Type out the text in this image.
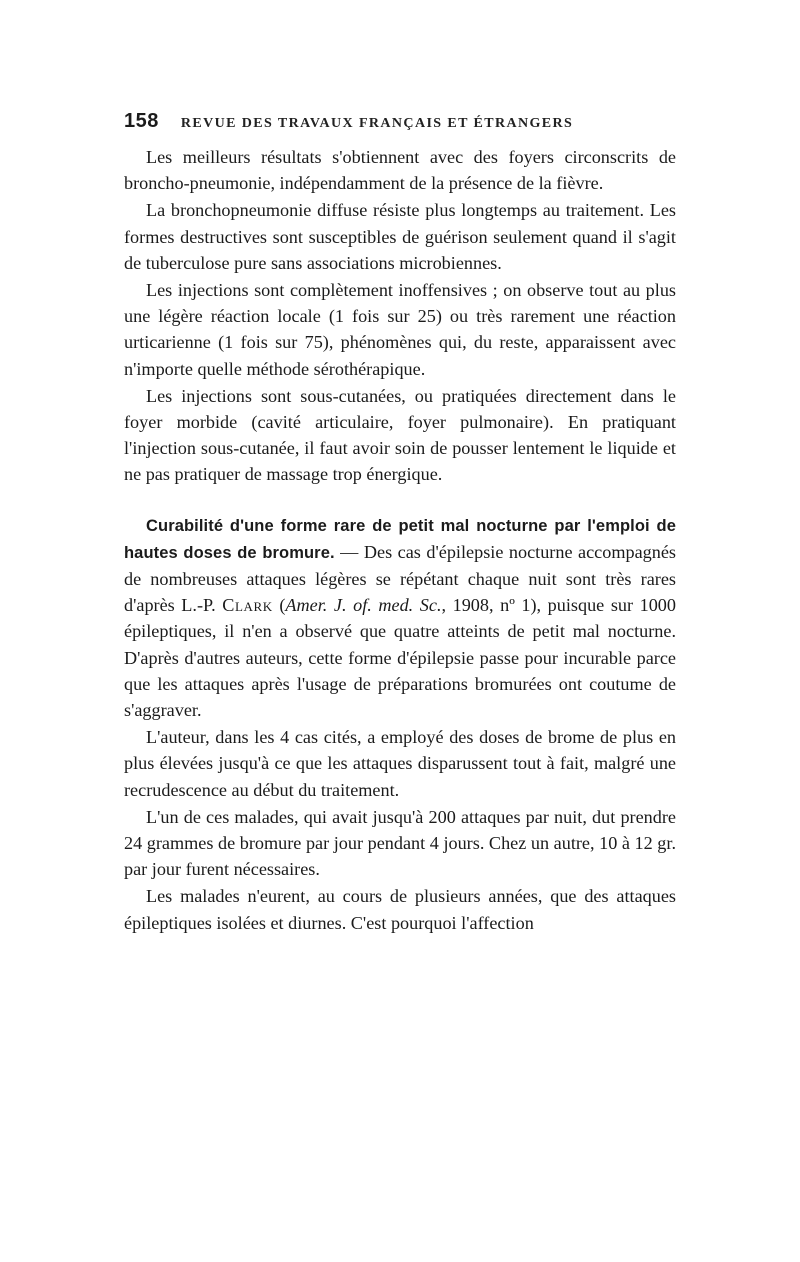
158 REVUE DES TRAVAUX FRANÇAIS ET ÉTRANGERS

Les meilleurs résultats s'obtiennent avec des foyers circonscrits de broncho-pneumonie, indépendamment de la présence de la fièvre.

La bronchopneumonie diffuse résiste plus longtemps au traitement. Les formes destructives sont susceptibles de guérison seulement quand il s'agit de tuberculose pure sans associations microbiennes.

Les injections sont complètement inoffensives ; on observe tout au plus une légère réaction locale (1 fois sur 25) ou très rarement une réaction urticarienne (1 fois sur 75), phénomènes qui, du reste, apparaissent avec n'importe quelle méthode sérothérapique.

Les injections sont sous-cutanées, ou pratiquées directement dans le foyer morbide (cavité articulaire, foyer pulmonaire). En pratiquant l'injection sous-cutanée, il faut avoir soin de pousser lentement le liquide et ne pas pratiquer de massage trop énergique.

Curabilité d'une forme rare de petit mal nocturne par l'emploi de hautes doses de bromure. — Des cas d'épilepsie nocturne accompagnés de nombreuses attaques légères se répétant chaque nuit sont très rares d'après L.-P. Clark (Amer. J. of. med. Sc., 1908, nº 1), puisque sur 1000 épileptiques, il n'en a observé que quatre atteints de petit mal nocturne. D'après d'autres auteurs, cette forme d'épilepsie passe pour incurable parce que les attaques après l'usage de préparations bromurées ont coutume de s'aggraver.

L'auteur, dans les 4 cas cités, a employé des doses de brome de plus en plus élevées jusqu'à ce que les attaques disparussent tout à fait, malgré une recrudescence au début du traitement.

L'un de ces malades, qui avait jusqu'à 200 attaques par nuit, dut prendre 24 grammes de bromure par jour pendant 4 jours. Chez un autre, 10 à 12 gr. par jour furent nécessaires.

Les malades n'eurent, au cours de plusieurs années, que des attaques épileptiques isolées et diurnes. C'est pourquoi l'affection
